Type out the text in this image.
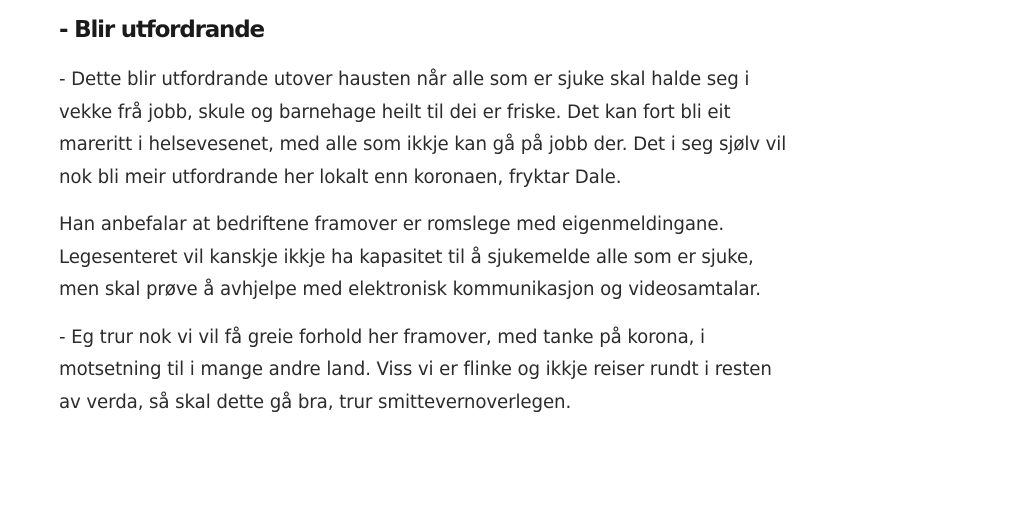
- Blir utfordrande

- Dette blir utfordrande utover hausten når alle som er sjuke skal halde seg i vekke frå jobb, skule og barnehage heilt til dei er friske. Det kan fort bli eit mareritt i helsevesenet, med alle som ikkje kan gå på jobb der. Det i seg sjølv vil nok bli meir utfordrande her lokalt enn koronaen, fryktar Dale.

Han anbefalar at bedriftene framover er romslege med eigenmeldingane. Legesenteret vil kanskje ikkje ha kapasitet til å sjukemelde alle som er sjuke, men skal prøve å avhjelpe med elektronisk kommunikasjon og videosamtalar.

- Eg trur nok vi vil få greie forhold her framover, med tanke på korona, i motsetning til i mange andre land. Viss vi er flinke og ikkje reiser rundt i resten av verda, så skal dette gå bra, trur smittevernoverlegen.
